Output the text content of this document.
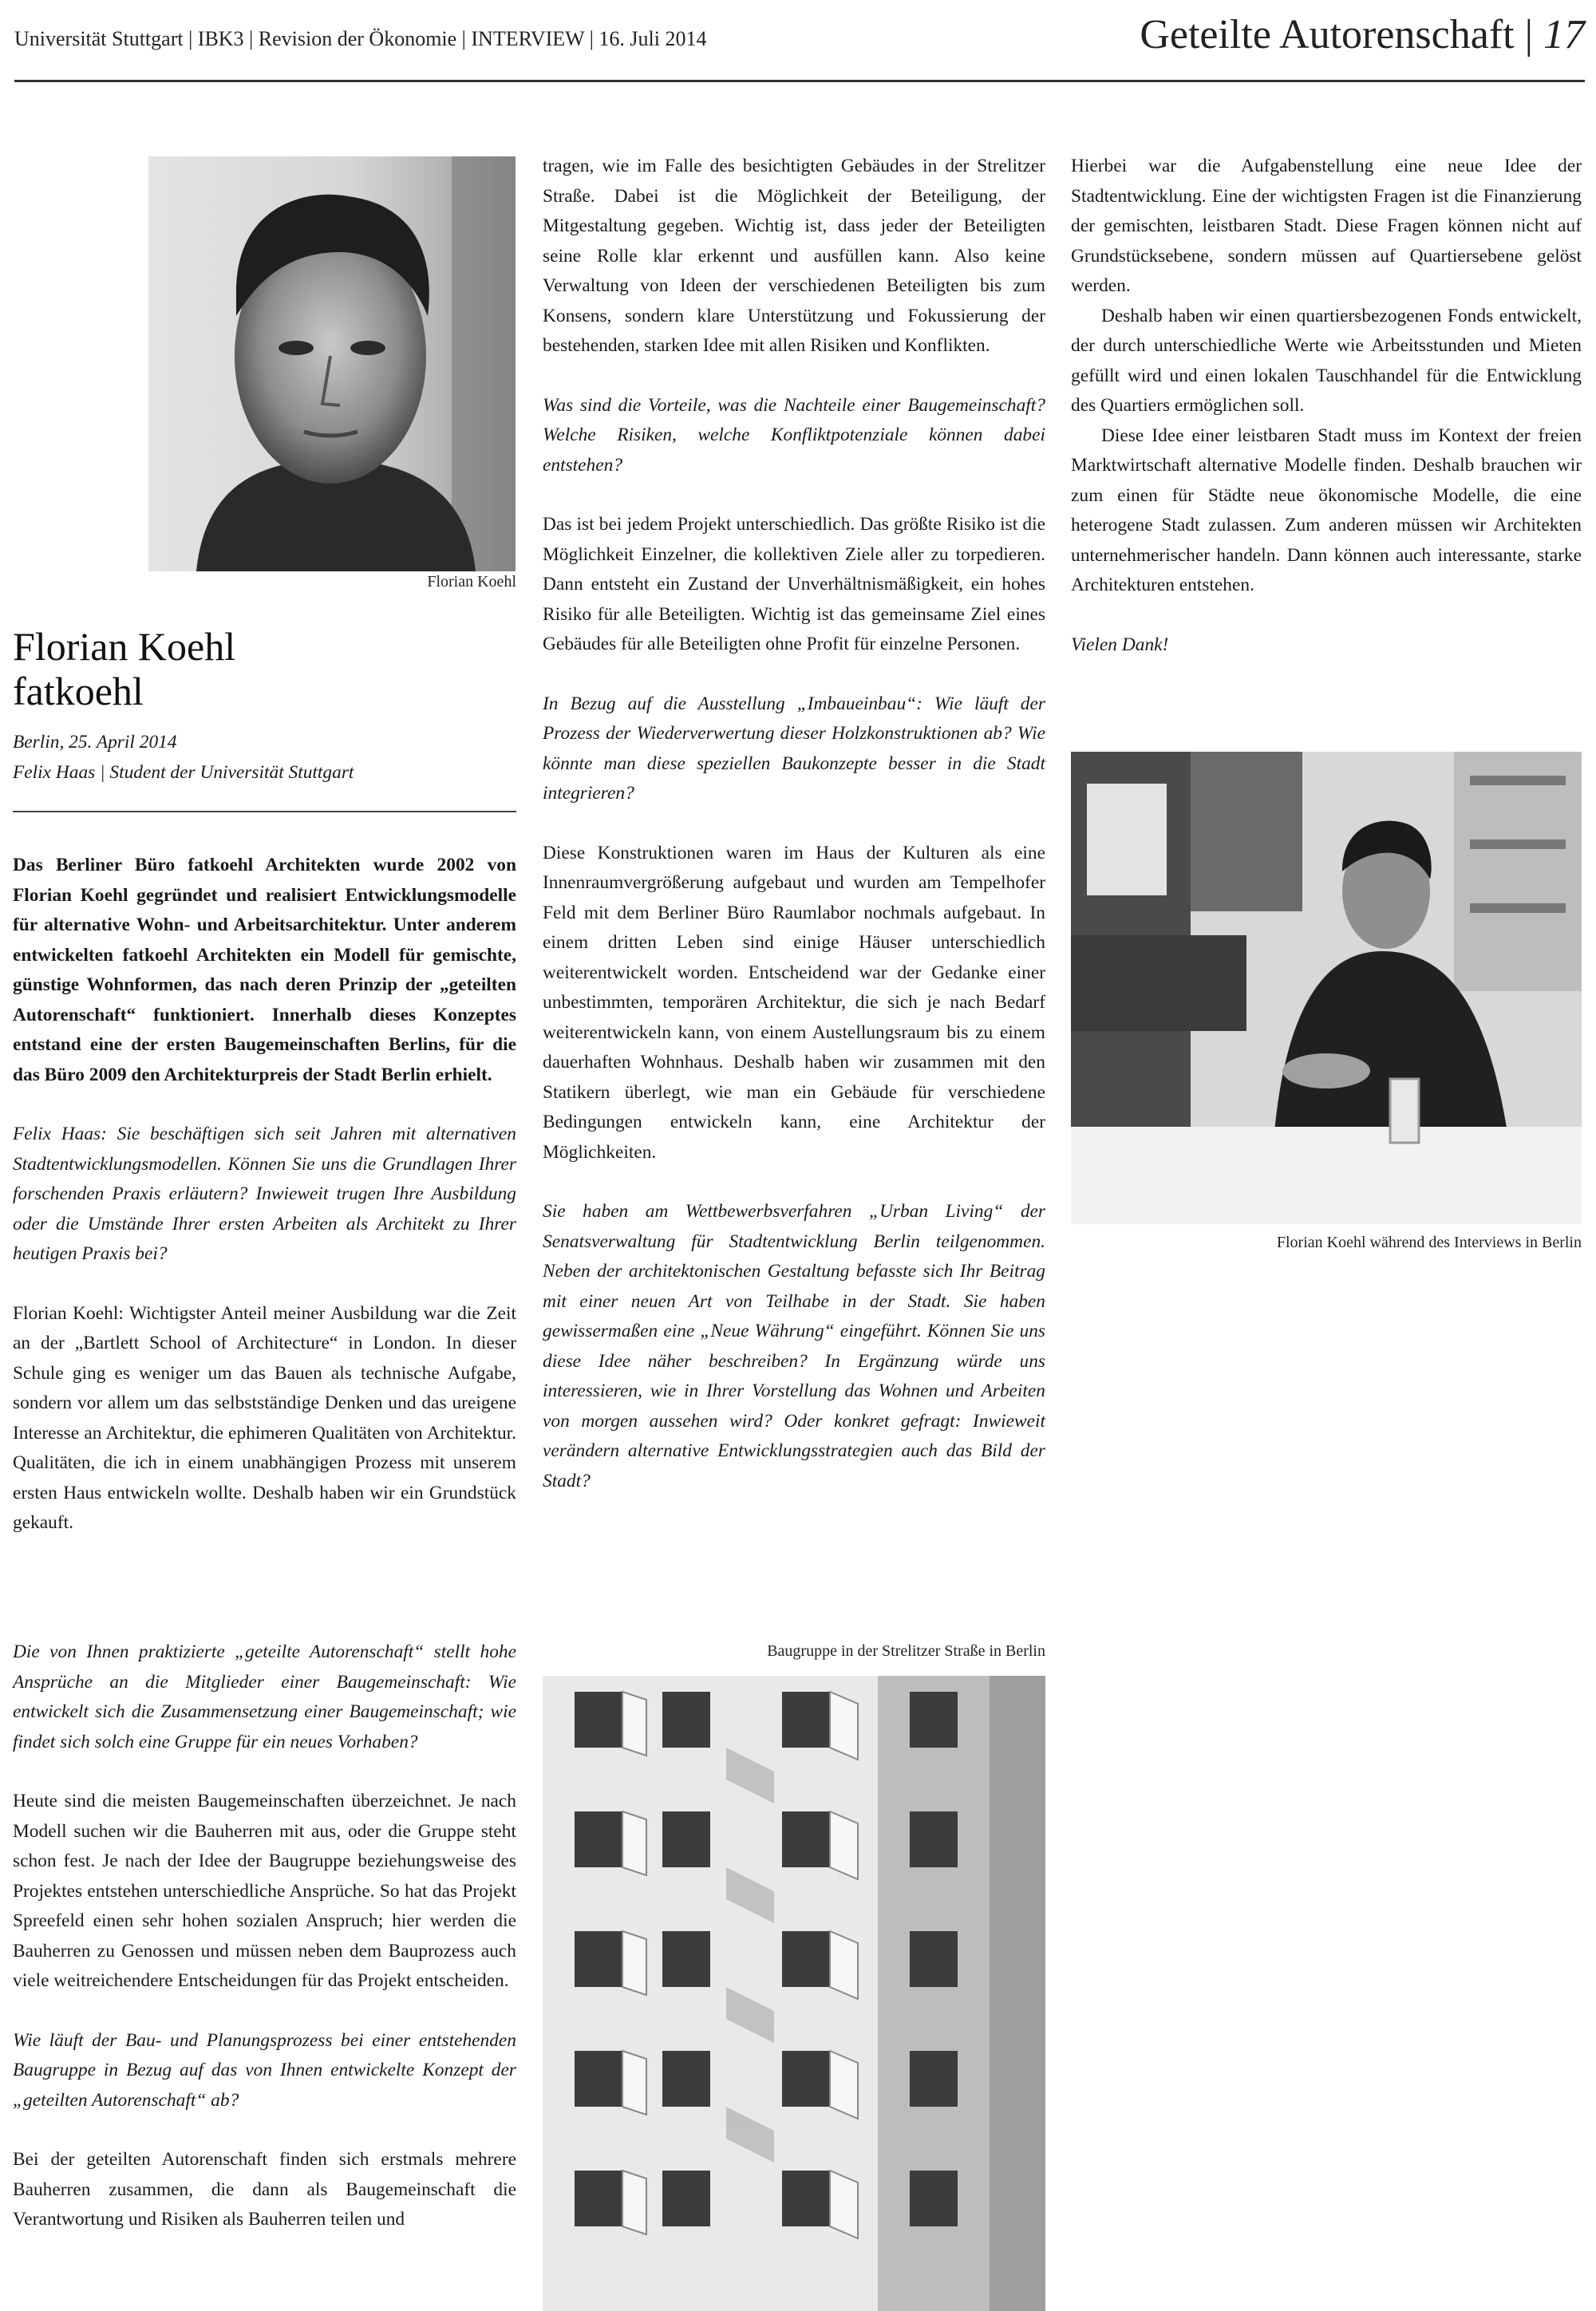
Universität Stuttgart | IBK3 | Revision der Ökonomie | INTERVIEW | 16. Juli 2014	Geteilte Autorenschaft | 17
Florian Koehl
Florian Koehl
fatkoehl
Berlin, 25. April 2014
Felix Haas | Student der Universität Stuttgart

Das Berliner Büro fatkoehl Architekten wurde 2002 von Florian Koehl gegründet und realisiert Entwicklungsmodelle für alternative Wohn- und Arbeitsarchitektur. Unter anderem entwickelten fatkoehl Architekten ein Modell für gemischte, günstige Wohnformen, das nach deren Prinzip der „geteilten Autorenschaft“ funktioniert. Innerhalb dieses Konzeptes entstand eine der ersten Baugemeinschaften Berlins, für die das Büro 2009 den Architekturpreis der Stadt Berlin erhielt.

Felix Haas: Sie beschäftigen sich seit Jahren mit alternativen Stadtentwicklungsmodellen. Können Sie uns die Grundlagen Ihrer forschenden Praxis erläutern? Inwieweit trugen Ihre Ausbildung oder die Umstände Ihrer ersten Arbeiten als Architekt zu Ihrer heutigen Praxis bei?

Florian Koehl: Wichtigster Anteil meiner Ausbildung war die Zeit an der „Bartlett School of Architecture“ in London. In dieser Schule ging es weniger um das Bauen als technische Aufgabe, sondern vor allem um das selbstständige Denken und das ureigene Interesse an Architektur, die ephimeren Qualitäten von Architektur. Qualitäten, die ich in einem unabhängigen Prozess mit unserem ersten Haus entwickeln wollte. Deshalb haben wir ein Grundstück gekauft.

Die von Ihnen praktizierte „geteilte Autorenschaft“ stellt hohe Ansprüche an die Mitglieder einer Baugemeinschaft: Wie entwickelt sich die Zusammensetzung einer Baugemeinschaft; wie findet sich solch eine Gruppe für ein neues Vorhaben?

Heute sind die meisten Baugemeinschaften überzeichnet. Je nach Modell suchen wir die Bauherren mit aus, oder die Gruppe steht schon fest. Je nach der Idee der Baugruppe beziehungsweise des Projektes entstehen unterschiedliche Ansprüche. So hat das Projekt Spreefeld einen sehr hohen sozialen Anspruch; hier werden die Bauherren zu Genossen und müssen neben dem Bauprozess auch viele weitreichendere Entscheidungen für das Projekt entscheiden.

Wie läuft der Bau- und Planungsprozess bei einer entstehenden Baugruppe in Bezug auf das von Ihnen entwickelte Konzept der „geteilten Autorenschaft“ ab?

Bei der geteilten Autorenschaft finden sich erstmals mehrere Bauherren zusammen, die dann als Baugemeinschaft die Verantwortung und Risiken als Bauherren teilen und

tragen, wie im Falle des besichtigten Gebäudes in der Strelitzer Straße. Dabei ist die Möglichkeit der Beteiligung, der Mitgestaltung gegeben. Wichtig ist, dass jeder der Beteiligten seine Rolle klar erkennt und ausfüllen kann. Also keine Verwaltung von Ideen der verschiedenen Beteiligten bis zum Konsens, sondern klare Unterstützung und Fokussierung der bestehenden, starken Idee mit allen Risiken und Konflikten.

Was sind die Vorteile, was die Nachteile einer Baugemeinschaft? Welche Risiken, welche Konfliktpotenziale können dabei entstehen?

Das ist bei jedem Projekt unterschiedlich. Das größte Risiko ist die Möglichkeit Einzelner, die kollektiven Ziele aller zu torpedieren. Dann entsteht ein Zustand der Unverhältnismäßigkeit, ein hohes Risiko für alle Beteiligten. Wichtig ist das gemeinsame Ziel eines Gebäudes für alle Beteiligten ohne Profit für einzelne Personen.

In Bezug auf die Ausstellung „Imbaueinbau“: Wie läuft der Prozess der Wiederverwertung dieser Holzkonstruktionen ab? Wie könnte man diese speziellen Baukonzepte besser in die Stadt integrieren?

Diese Konstruktionen waren im Haus der Kulturen als eine Innenraumvergrößerung aufgebaut und wurden am Tempelhofer Feld mit dem Berliner Büro Raumlabor nochmals aufgebaut. In einem dritten Leben sind einige Häuser unterschiedlich weiterentwickelt worden. Entscheidend war der Gedanke einer unbestimmten, temporären Architektur, die sich je nach Bedarf weiterentwickeln kann, von einem Austellungsraum bis zu einem dauerhaften Wohnhaus. Deshalb haben wir zusammen mit den Statikern überlegt, wie man ein Gebäude für verschiedene Bedingungen entwickeln kann, eine Architektur der Möglichkeiten.

Sie haben am Wettbewerbsverfahren „Urban Living“ der Senatsverwaltung für Stadtentwicklung Berlin teilgenommen. Neben der architektonischen Gestaltung befasste sich Ihr Beitrag mit einer neuen Art von Teilhabe in der Stadt. Sie haben gewissermaßen eine „Neue Währung“ eingeführt. Können Sie uns diese Idee näher beschreiben? In Ergänzung würde uns interessieren, wie in Ihrer Vorstellung das Wohnen und Arbeiten von morgen aussehen wird? Oder konkret gefragt: Inwieweit verändern alternative Entwicklungsstrategien auch das Bild der Stadt?

Baugruppe in der Strelitzer Straße in Berlin

Hierbei war die Aufgabenstellung eine neue Idee der Stadtentwicklung. Eine der wichtigsten Fragen ist die Finanzierung der gemischten, leistbaren Stadt. Diese Fragen können nicht auf Grundstücksebene, sondern müssen auf Quartiersebene gelöst werden.

Deshalb haben wir einen quartiersbezogenen Fonds entwickelt, der durch unterschiedliche Werte wie Arbeitsstunden und Mieten gefüllt wird und einen lokalen Tauschhandel für die Entwicklung des Quartiers ermöglichen soll.

Diese Idee einer leistbaren Stadt muss im Kontext der freien Marktwirtschaft alternative Modelle finden. Deshalb brauchen wir zum einen für Städte neue ökonomische Modelle, die eine heterogene Stadt zulassen. Zum anderen müssen wir Architekten unternehmerischer handeln. Dann können auch interessante, starke Architekturen entstehen.

Vielen Dank!

Florian Koehl während des Interviews in Berlin
